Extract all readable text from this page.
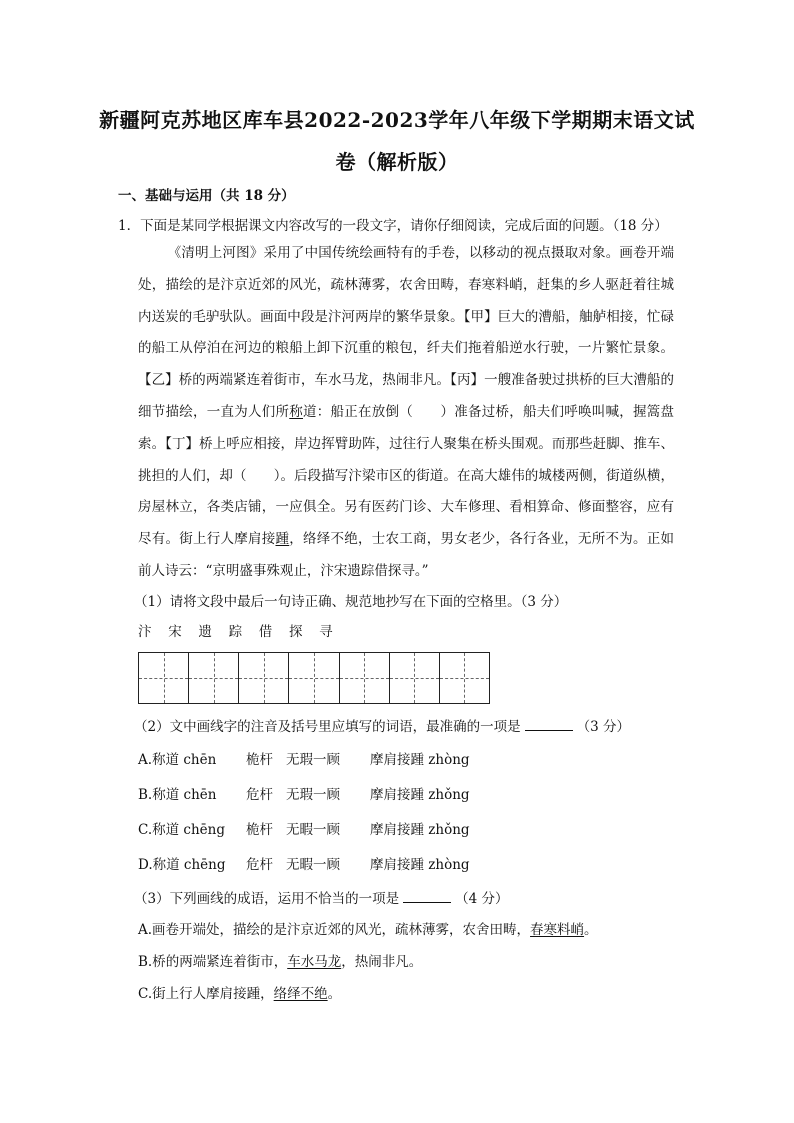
新疆阿克苏地区库车县2022-2023学年八年级下学期期末语文试
卷（解析版）
一、基础与运用（共 18 分）
1．下面是某同学根据课文内容改写的一段文字，请你仔细阅读，完成后面的问题。（18 分）
《清明上河图》采用了中国传统绘画特有的手卷，以移动的视点摄取对象。画卷开端处，描绘的是汴京近郊的风光，疏林薄雾，农舍田畴，春寒料峭，赶集的乡人驱赶着往城内送炭的毛驴驮队。画面中段是汴河两岸的繁华景象。【甲】巨大的漕船，舳舻相接，忙碌的船工从停泊在河边的粮船上卸下沉重的粮包，纤夫们拖着船逆水行驶，一片繁忙景象。【乙】桥的两端紧连着街市，车水马龙，热闹非凡。【丙】一艘准备驶过拱桥的巨大漕船的细节描绘，一直为人们所称道：船正在放倒（　　）准备过桥，船夫们呼唤叫喊，握篙盘索。【丁】桥上呼应相接，岸边挥臂助阵，过往行人聚集在桥头围观。而那些赶脚、推车、挑担的人们，却（　　）。后段描写汴梁市区的街道。在高大雄伟的城楼两侧，街道纵横，房屋林立，各类店铺，一应俱全。另有医药门诊、大车修理、看相算命、修面整容，应有尽有。街上行人摩肩接踵，络绎不绝，士农工商，男女老少，各行各业，无所不为。正如前人诗云：“京明盛事殊观止，汴宋遗踪借探寻。”
（1）请将文段中最后一句诗正确、规范地抄写在下面的空格里。（3 分）
汴 宋 遗 踪 借 探 寻
（2）文中画线字的注音及括号里应填写的词语，最准确的一项是	（3 分）
A.称道 chēn 桅杆 无瑕一顾 摩肩接踵 zhòng
B.称道 chēn 危杆 无瑕一顾 摩肩接踵 zhǒng
C.称道 chēng 桅杆 无暇一顾 摩肩接踵 zhǒng
D.称道 chēng 危杆 无暇一顾 摩肩接踵 zhòng
（3）下列画线的成语，运用不恰当的一项是	（4 分）
A.画卷开端处，描绘的是汴京近郊的风光，疏林薄雾，农舍田畴，春寒料峭。
B.桥的两端紧连着街市，车水马龙，热闹非凡。
C.街上行人摩肩接踵，络绎不绝。
